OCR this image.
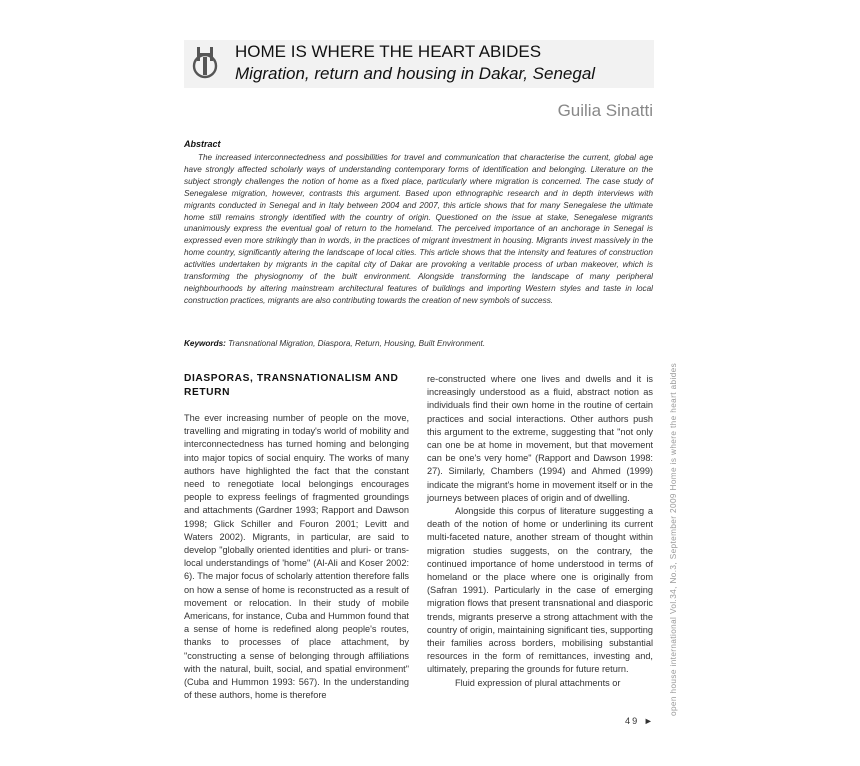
HOME IS WHERE THE HEART ABIDES
Migration, return and housing in Dakar, Senegal
Guilia Sinatti
Abstract
The increased interconnectedness and possibilities for travel and communication that characterise the current, global age have strongly affected scholarly ways of understanding contemporary forms of identification and belonging. Literature on the subject strongly challenges the notion of home as a fixed place, particularly where migration is concerned. The case study of Senegalese migration, however, contrasts this argument. Based upon ethnographic research and in depth interviews with migrants conducted in Senegal and in Italy between 2004 and 2007, this article shows that for many Senegalese the ultimate home still remains strongly identified with the country of origin. Questioned on the issue at stake, Senegalese migrants unanimously express the eventual goal of return to the homeland. The perceived importance of an anchorage in Senegal is expressed even more strikingly than in words, in the practices of migrant investment in housing. Migrants invest massively in the home country, significantly altering the landscape of local cities. This article shows that the intensity and features of construction activities undertaken by migrants in the capital city of Dakar are provoking a veritable process of urban makeover, which is transforming the physiognomy of the built environment. Alongside transforming the landscape of many peripheral neighbourhoods by altering mainstream architectural features of buildings and importing Western styles and taste in local construction practices, migrants are also contributing towards the creation of new symbols of success.
Keywords: Transnational Migration, Diaspora, Return, Housing, Built Environment.
DIASPORAS, TRANSNATIONALISM AND RETURN

The ever increasing number of people on the move, travelling and migrating in today's world of mobility and interconnectedness has turned homing and belonging into major topics of social enquiry. The works of many authors have highlighted the fact that the constant need to renegotiate local belongings encourages people to express feelings of fragmented groundings and attachments (Gardner 1993; Rapport and Dawson 1998; Glick Schiller and Fouron 2001; Levitt and Waters 2002). Migrants, in particular, are said to develop "globally oriented identities and pluri- or trans-local understandings of 'home" (Al-Ali and Koser 2002: 6). The major focus of scholarly attention therefore falls on how a sense of home is reconstructed as a result of movement or relocation. In their study of mobile Americans, for instance, Cuba and Hummon found that a sense of home is redefined along people's routes, thanks to processes of place attachment, by "constructing a sense of belonging through affiliations with the natural, built, social, and spatial environment" (Cuba and Hummon 1993: 567). In the understanding of these authors, home is therefore

re-constructed where one lives and dwells and it is increasingly understood as a fluid, abstract notion as individuals find their own home in the routine of certain practices and social interactions. Other authors push this argument to the extreme, suggesting that "not only can one be at home in movement, but that movement can be one's very home" (Rapport and Dawson 1998: 27). Similarly, Chambers (1994) and Ahmed (1999) indicate the migrant's home in movement itself or in the journeys between places of origin and of dwelling.

Alongside this corpus of literature suggesting a death of the notion of home or underlining its current multi-faceted nature, another stream of thought within migration studies suggests, on the contrary, the continued importance of home understood in terms of homeland or the place where one is originally from (Safran 1991). Particularly in the case of emerging migration flows that present transnational and diasporic trends, migrants preserve a strong attachment with the country of origin, maintaining significant ties, supporting their families across borders, mobilising substantial resources in the form of remittances, investing and, ultimately, preparing the grounds for future return.

Fluid expression of plural attachments or

49 ►
open house international Vol.34, No.3, September 2009 Home is where the heart abides
